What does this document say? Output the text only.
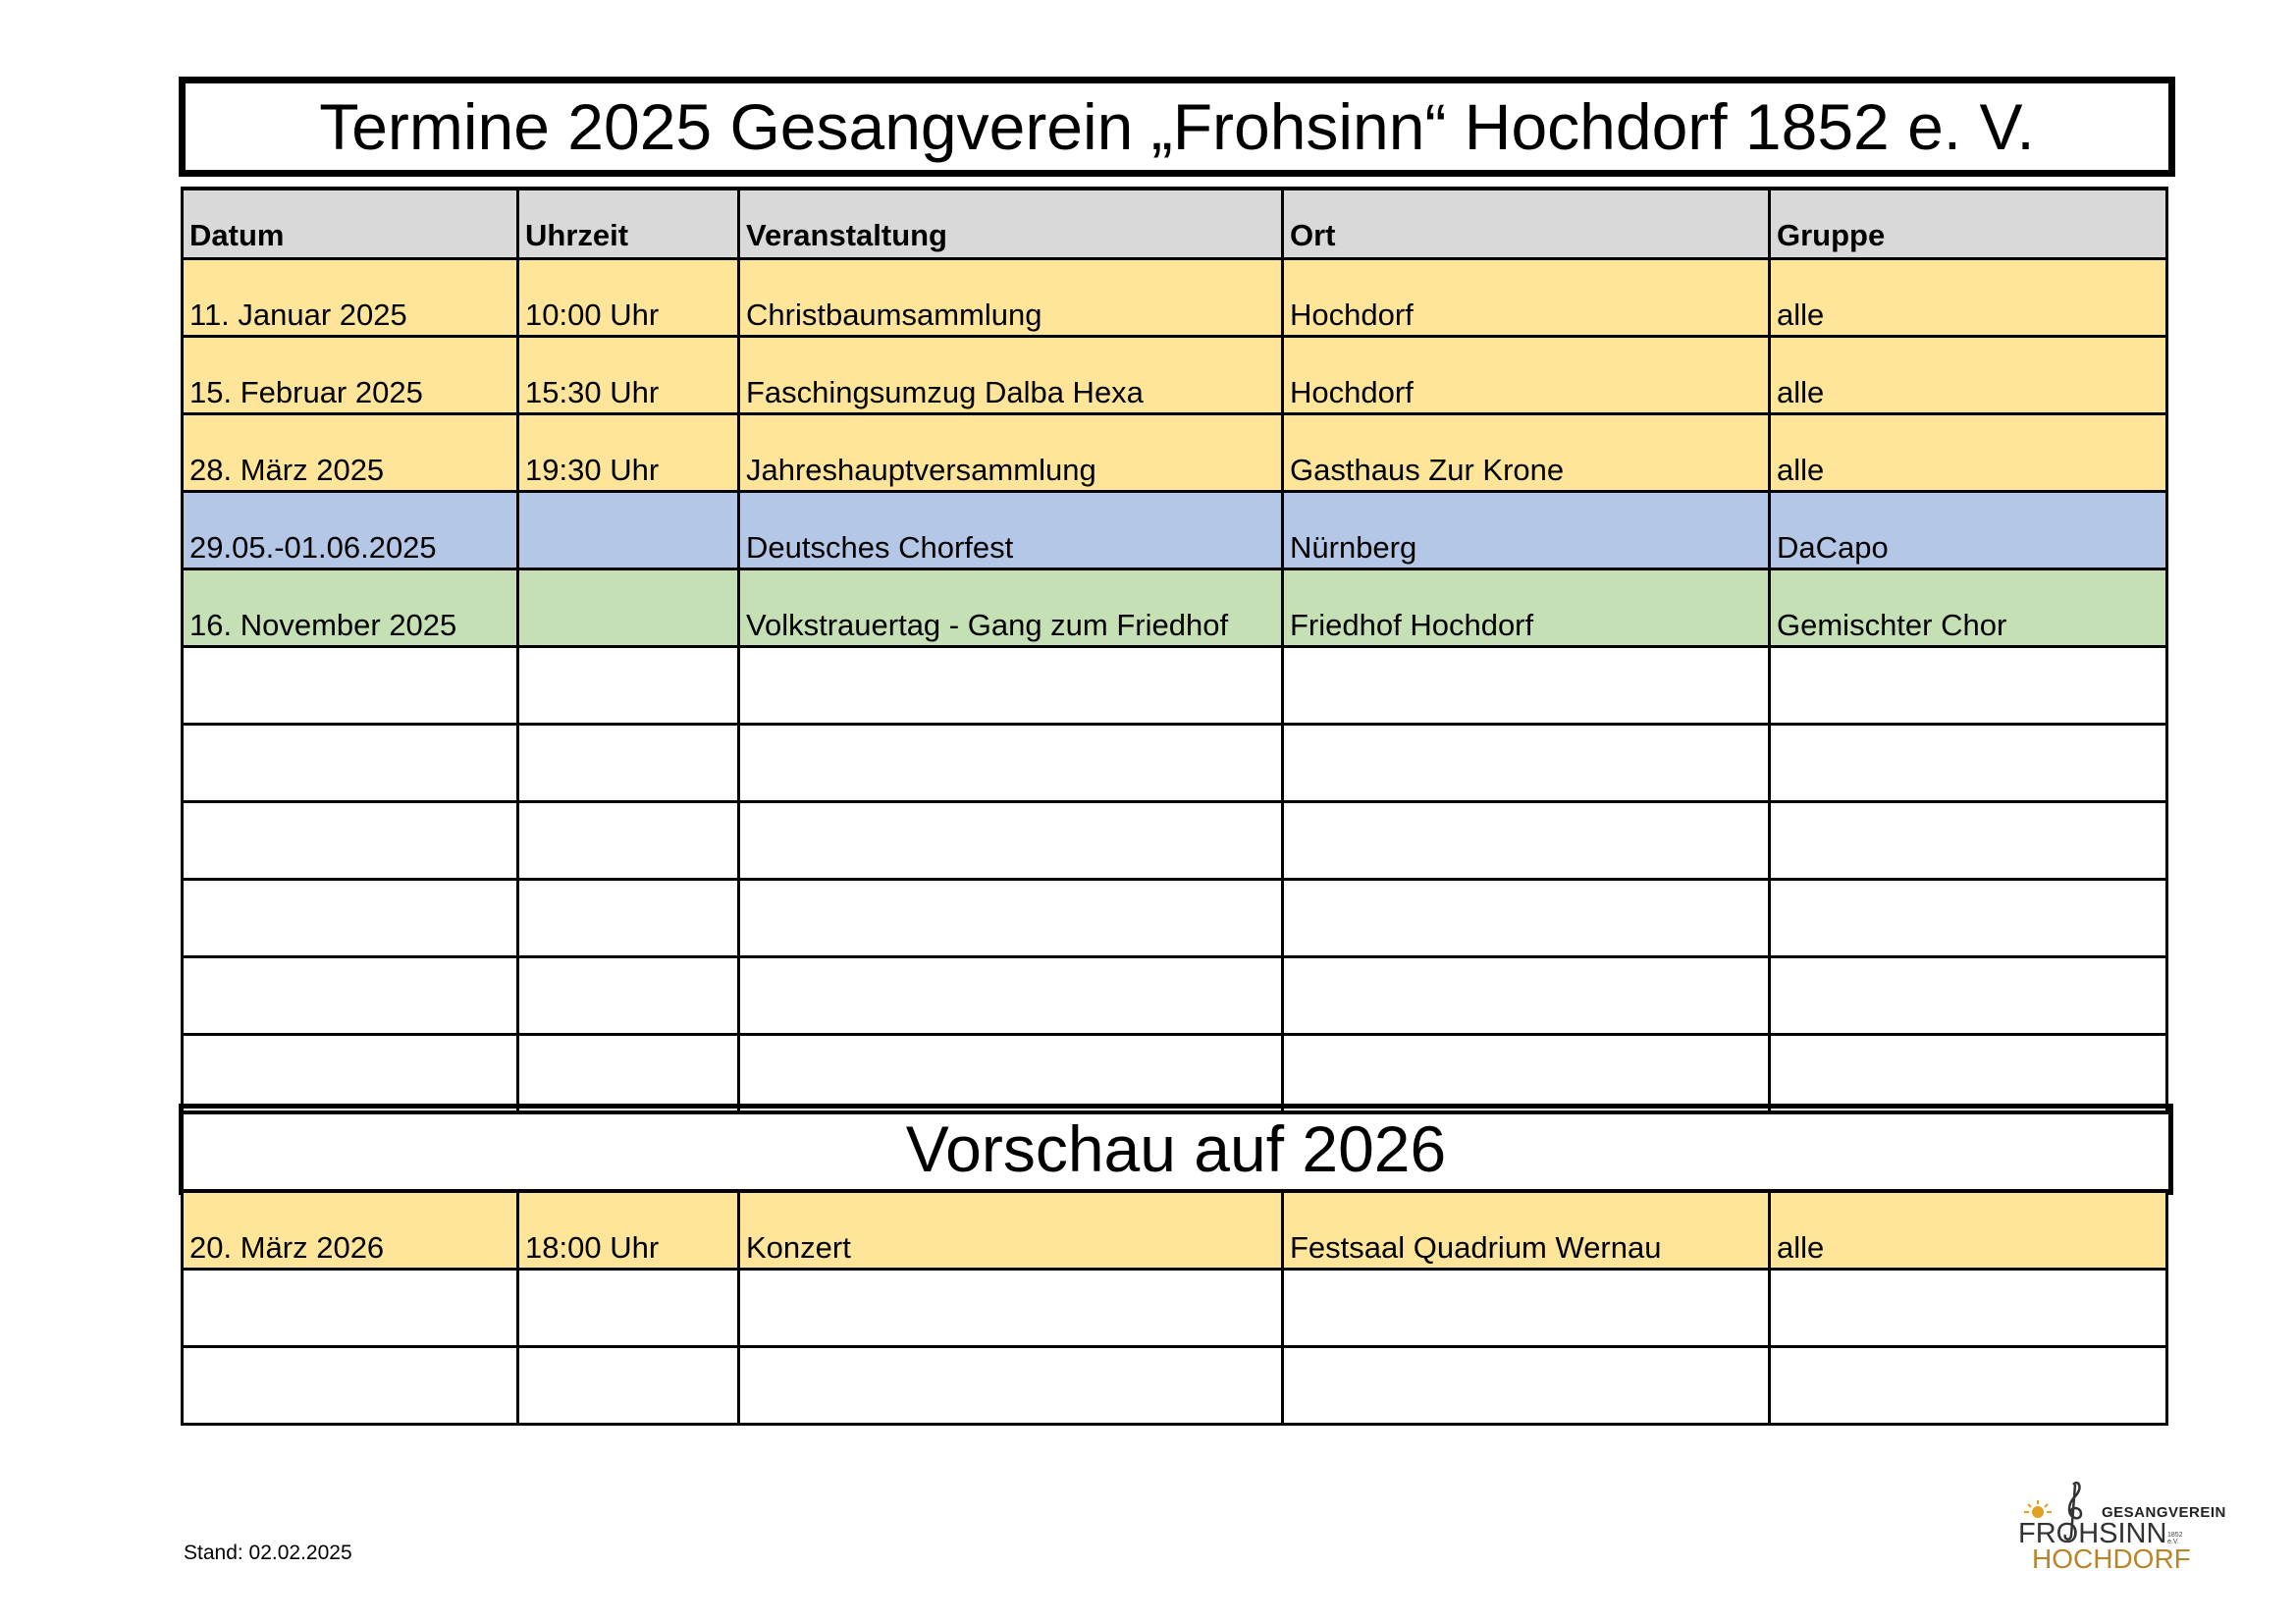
Termine 2025 Gesangverein „Frohsinn“ Hochdorf 1852 e. V.
Datum	Uhrzeit	Veranstaltung	Ort	Gruppe
11. Januar 2025	10:00 Uhr	Christbaumsammlung	Hochdorf	alle
15. Februar 2025	15:30 Uhr	Faschingsumzug Dalba Hexa	Hochdorf	alle
28. März 2025	19:30 Uhr	Jahreshauptversammlung	Gasthaus Zur Krone	alle
29.05.-01.06.2025		Deutsches Chorfest	Nürnberg	DaCapo
16. November 2025		Volkstrauertag - Gang zum Friedhof	Friedhof Hochdorf	Gemischter Chor

Vorschau auf 2026
20. März 2026	18:00 Uhr	Konzert	Festsaal Quadrium Wernau	alle

Stand: 02.02.2025
GESANGVEREIN
FROHSINN 1852 e.V.
HOCHDORF
